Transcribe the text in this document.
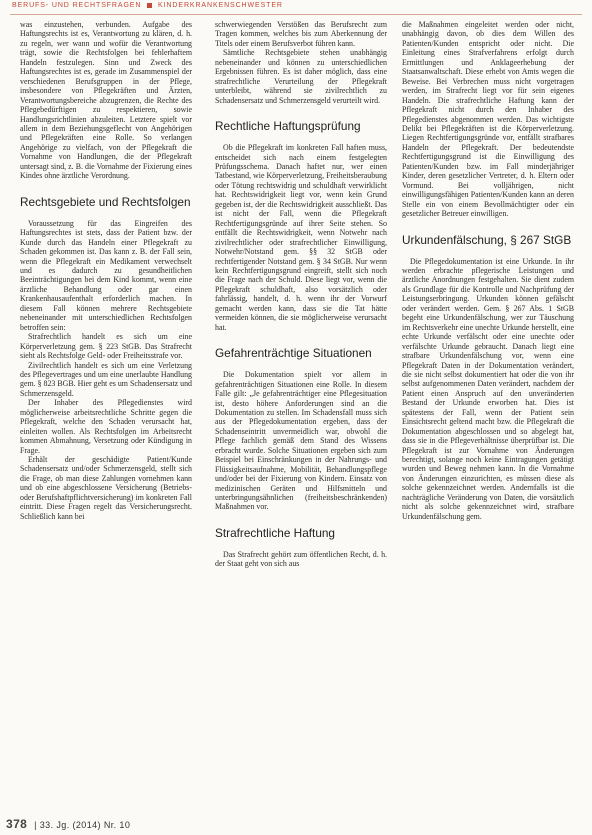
BERUFS- UND RECHTSFRAGEN KINDERKRANKENSCHWESTER

was einzustehen, verbunden. Aufgabe des Haftungsrechts ist es, Verantwortung zu klären, d. h. zu regeln, wer wann und wofür die Verantwortung trägt, sowie die Rechtsfolgen bei fehlerhaftem Handeln festzulegen. Sinn und Zweck des Haftungsrechtes ist es, gerade im Zusammenspiel der verschiedenen Berufsgruppen in der Pflege, insbesondere von Pflegekräften und Ärzten, Verantwortungsbereiche abzugrenzen, die Rechte des Pflegebedürftigen zu respektieren, sowie Handlungsrichtlinien abzuleiten. Letztere spielt vor allem in dem Beziehungsgeflecht von Angehörigen und Pflegekräften eine Rolle. So verlangen Angehörige zu vielfach, von der Pflegekraft die Vornahme von Handlungen, die der Pflegekraft untersagt sind, z. B. die Vornahme der Fixierung eines Kindes ohne ärztliche Verordnung.

Rechtsgebiete und Rechtsfolgen

Voraussetzung für das Eingreifen des Haftungsrechtes ist stets, dass der Patient bzw. der Kunde durch das Handeln einer Pflegekraft zu Schaden gekommen ist. Das kann z. B. der Fall sein, wenn die Pflegekraft ein Medikament verwechselt und es dadurch zu gesundheitlichen Beeinträchtigungen bei dem Kind kommt, wenn eine ärztliche Behandlung oder gar einen Krankenhausaufenthalt erforderlich machen. In diesem Fall können mehrere Rechtsgebiete nebeneinander mit unterschiedlichen Rechtsfolgen betroffen sein:

Strafrechtlich handelt es sich um eine Körperverletzung gem. § 223 StGB. Das Strafrecht sieht als Rechtsfolge Geld- oder Freiheitsstrafe vor.

Zivilrechtlich handelt es sich um eine Verletzung des Pflegevertrages und um eine unerlaubte Handlung gem. § 823 BGB. Hier geht es um Schadensersatz und Schmerzensgeld.

Der Inhaber des Pflegedienstes wird möglicherweise arbeitsrechtliche Schritte gegen die Pflegekraft, welche den Schaden verursacht hat, einleiten wollen. Als Rechtsfolgen im Arbeitsrecht kommen Abmahnung, Versetzung oder Kündigung in Frage.

Erhält der geschädigte Patient/Kunde Schadensersatz und/oder Schmerzensgeld, stellt sich die Frage, ob man diese Zahlungen vornehmen kann und ob eine abgeschlossene Versicherung (Betriebs- oder Berufshaftpflichtversicherung) im konkreten Fall eintritt. Diese Fragen regelt das Versicherungsrecht. Schließlich kann bei

schwerwiegenden Verstößen das Berufsrecht zum Tragen kommen, welches bis zum Aberkennung der Titels oder einem Berufsverbot führen kann.

Sämtliche Rechtsgebiete stehen unabhängig nebeneinander und können zu unterschiedlichen Ergebnissen führen. Es ist daher möglich, dass eine strafrechtliche Verurteilung der Pflegekraft unterbleibt, während sie zivilrechtlich zu Schadensersatz und Schmerzensgeld verurteilt wird.

Rechtliche Haftungsprüfung

Ob die Pflegekraft im konkreten Fall haften muss, entscheidet sich nach einem festgelegten Prüfungsschema. Danach haftet nur, wer einen Tatbestand, wie Körperverletzung, Freiheitsberaubung oder Tötung rechtswidrig und schuldhaft verwirklicht hat. Rechtswidrigkeit liegt vor, wenn kein Grund gegeben ist, der die Rechtswidrigkeit ausschließt. Das ist nicht der Fall, wenn die Pflegekraft Rechtfertigungsgründe auf ihrer Seite stehen. So entfällt die Rechtswidrigkeit, wenn Notwehr nach zivilrechtlicher oder strafrechtlicher Einwilligung, Notwehr/Notstand gem. §§ 32 StGB oder rechtfertigender Notstand gem. § 34 StGB. Nur wenn kein Rechtfertigungsgrund eingreift, stellt sich noch die Frage nach der Schuld. Diese liegt vor, wenn die Pflegekraft schuldhaft, also vorsätzlich oder fahrlässig, handelt, d. h. wenn ihr der Vorwurf gemacht werden kann, dass sie die Tat hätte vermeiden können, die sie möglicherweise verursacht hat.

Gefahrenträchtige Situationen

Die Dokumentation spielt vor allem in gefahrenträchtigen Situationen eine Rolle. In diesem Falle gilt: „Je gefahrenträchtiger eine Pflegesituation ist, desto höhere Anforderungen sind an die Dokumentation zu stellen. Im Schadensfall muss sich aus der Pflegedokumentation ergeben, dass der Schadenseintritt unvermeidlich war, obwohl die Pflege fachlich gemäß dem Stand des Wissens erbracht wurde. Solche Situationen ergeben sich zum Beispiel bei Einschränkungen in der Nahrungs- und Flüssigkeitsaufnahme, Mobilität, Behandlungspflege und/oder bei der Fixierung von Kindern. Einsatz von medizinischen Geräten und Hilfsmitteln und unterbringungsähnlichen (freiheitsbeschränkenden) Maßnahmen vor.

Strafrechtliche Haftung

Das Strafrecht gehört zum öffentlichen Recht, d. h. der Staat geht von sich aus

die Maßnahmen eingeleitet werden oder nicht, unabhängig davon, ob dies dem Willen des Patienten/Kunden entspricht oder nicht. Die Einleitung eines Strafverfahrens erfolgt durch Ermittlungen und Anklageerhebung der Staatsanwaltschaft. Diese erhebt von Amts wegen die Beweise. Bei Verbrechen muss nicht vorgetragen werden, im Strafrecht liegt vor für sein eigenes Handeln. Die strafrechtliche Haftung kann der Pflegekraft nicht durch den Inhaber des Pflegedienstes abgenommen werden. Das wichtigste Delikt bei Pflegekräften ist die Körperverletzung. Liegen Rechtfertigungsgründe vor, entfällt strafbares Handeln der Pflegekraft. Der bedeutendste Rechtfertigungsgrund ist die Einwilligung des Patienten/Kunden bzw. im Fall minderjähriger Kinder, deren gesetzlicher Vertreter, d. h. Eltern oder Vormund. Bei volljährigen, nicht einwilligungsfähigen Patienten/Kunden kann an deren Stelle ein von einem Bevollmächtigter oder ein gesetzlicher Betreuer einwilligen.

Urkundenfälschung, § 267 StGB

Die Pflegedokumentation ist eine Urkunde. In ihr werden erbrachte pflegerische Leistungen und ärztliche Anordnungen festgehalten. Sie dient zudem als Grundlage für die Kontrolle und Nachprüfung der Leistungserbringung. Urkunden können gefälscht oder verändert werden. Gem. § 267 Abs. 1 StGB begeht eine Urkundenfälschung, wer zur Täuschung im Rechtsverkehr eine unechte Urkunde herstellt, eine echte Urkunde verfälscht oder eine unechte oder verfälschte Urkunde gebraucht. Danach liegt eine strafbare Urkundenfälschung vor, wenn eine Pflegekraft Daten in der Dokumentation verändert, die sie nicht selbst dokumentiert hat oder die von ihr selbst aufgenommenen Daten verändert, nachdem der Patient einen Anspruch auf den unveränderten Bestand der Urkunde erworben hat. Dies ist spätestens der Fall, wenn der Patient sein Einsichtsrecht geltend macht bzw. die Pflegekraft die Dokumentation abgeschlossen und so abgelegt hat, dass sie in die Pflegeverhältnisse überprüfbar ist. Die Pflegekraft ist zur Vornahme von Änderungen berechtigt, solange noch keine Eintragungen getätigt wurden und Beweg nehmen kann. In die Vornahme von Änderungen einzurichten, es müssen diese als solche gekennzeichnet werden. Andernfalls ist die nachträgliche Veränderung von Daten, die vorsätzlich nicht als solche gekennzeichnet wird, strafbare Urkundenfälschung gem.

378 | 33. Jg. (2014) Nr. 10
